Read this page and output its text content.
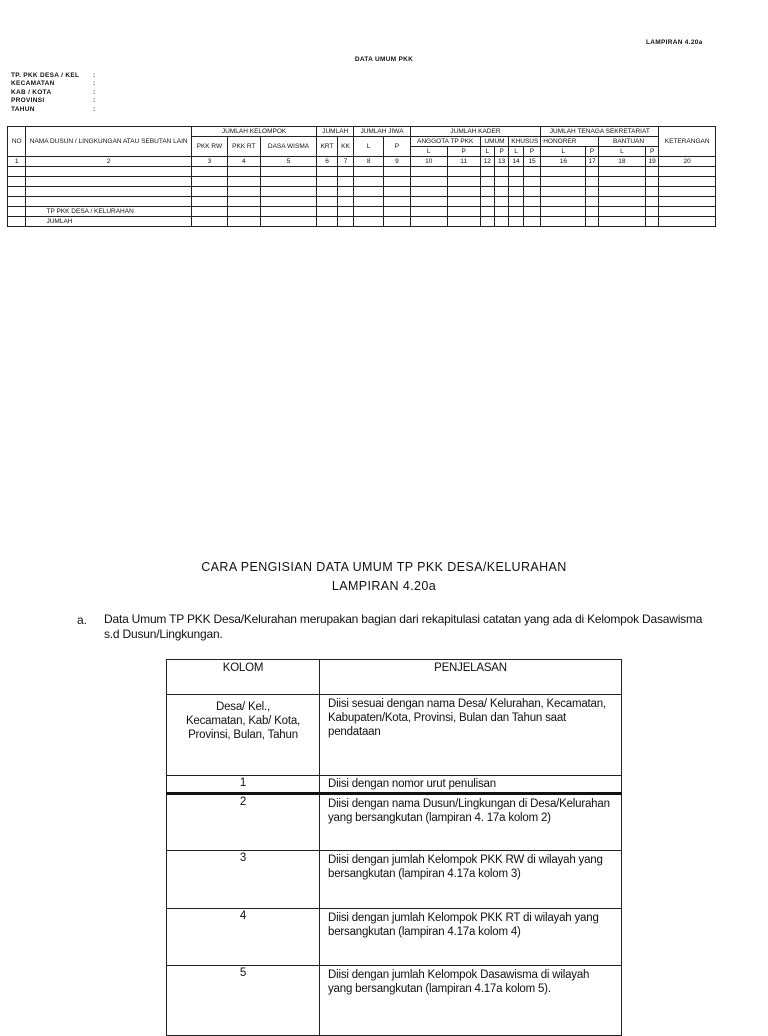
LAMPIRAN 4.20a
DATA UMUM PKK
TP. PKK DESA / KEL	:
KECAMATAN	:
KAB / KOTA	:
PROVINSI	:
TAHUN	:
NO	NAMA DUSUN / LINGKUNGAN ATAU SEBUTAN LAIN	JUMLAH KELOMPOK			JUMLAH		JUMLAH JIWA		JUMLAH KADER						JUMLAH TENAGA SEKRETARIAT				KETERANGAN
		PKK RW	PKK RT	DASA WISMA	KRT	KK	L	P	ANGGOTA TP PKK		UMUM		KHUSUS		HONORER		BANTUAN		
									L	P	L	P	L	P	L	P	L	P	
1	2	3	4	5	6	7	8	9	10	11	12	13	14	15	16	17	18	19	20

	TP PKK DESA / KELURAHAN																		
	JUMLAH																		
CARA PENGISIAN DATA UMUM TP PKK DESA/KELURAHAN
LAMPIRAN 4.20a
a. Data Umum TP PKK Desa/Kelurahan merupakan bagian dari rekapitulasi catatan yang ada di Kelompok Dasawisma s.d Dusun/Lingkungan.
KOLOM	PENJELASAN
Desa/ Kel., Kecamatan, Kab/ Kota, Provinsi, Bulan, Tahun	Diisi sesuai dengan nama Desa/ Kelurahan, Kecamatan, Kabupaten/Kota, Provinsi, Bulan dan Tahun saat pendataan
1	Diisi dengan nomor urut penulisan
2	Diisi dengan nama Dusun/Lingkungan di Desa/Kelurahan yang bersangkutan (lampiran 4. 17a kolom 2)
3	Diisi dengan jumlah Kelompok PKK RW di wilayah yang bersangkutan (lampiran 4.17a kolom 3)
4	Diisi dengan jumlah Kelompok PKK RT di wilayah yang bersangkutan (lampiran 4.17a kolom 4)
5	Diisi dengan jumlah Kelompok Dasawisma di wilayah yang bersangkutan (lampiran 4.17a kolom 5).
